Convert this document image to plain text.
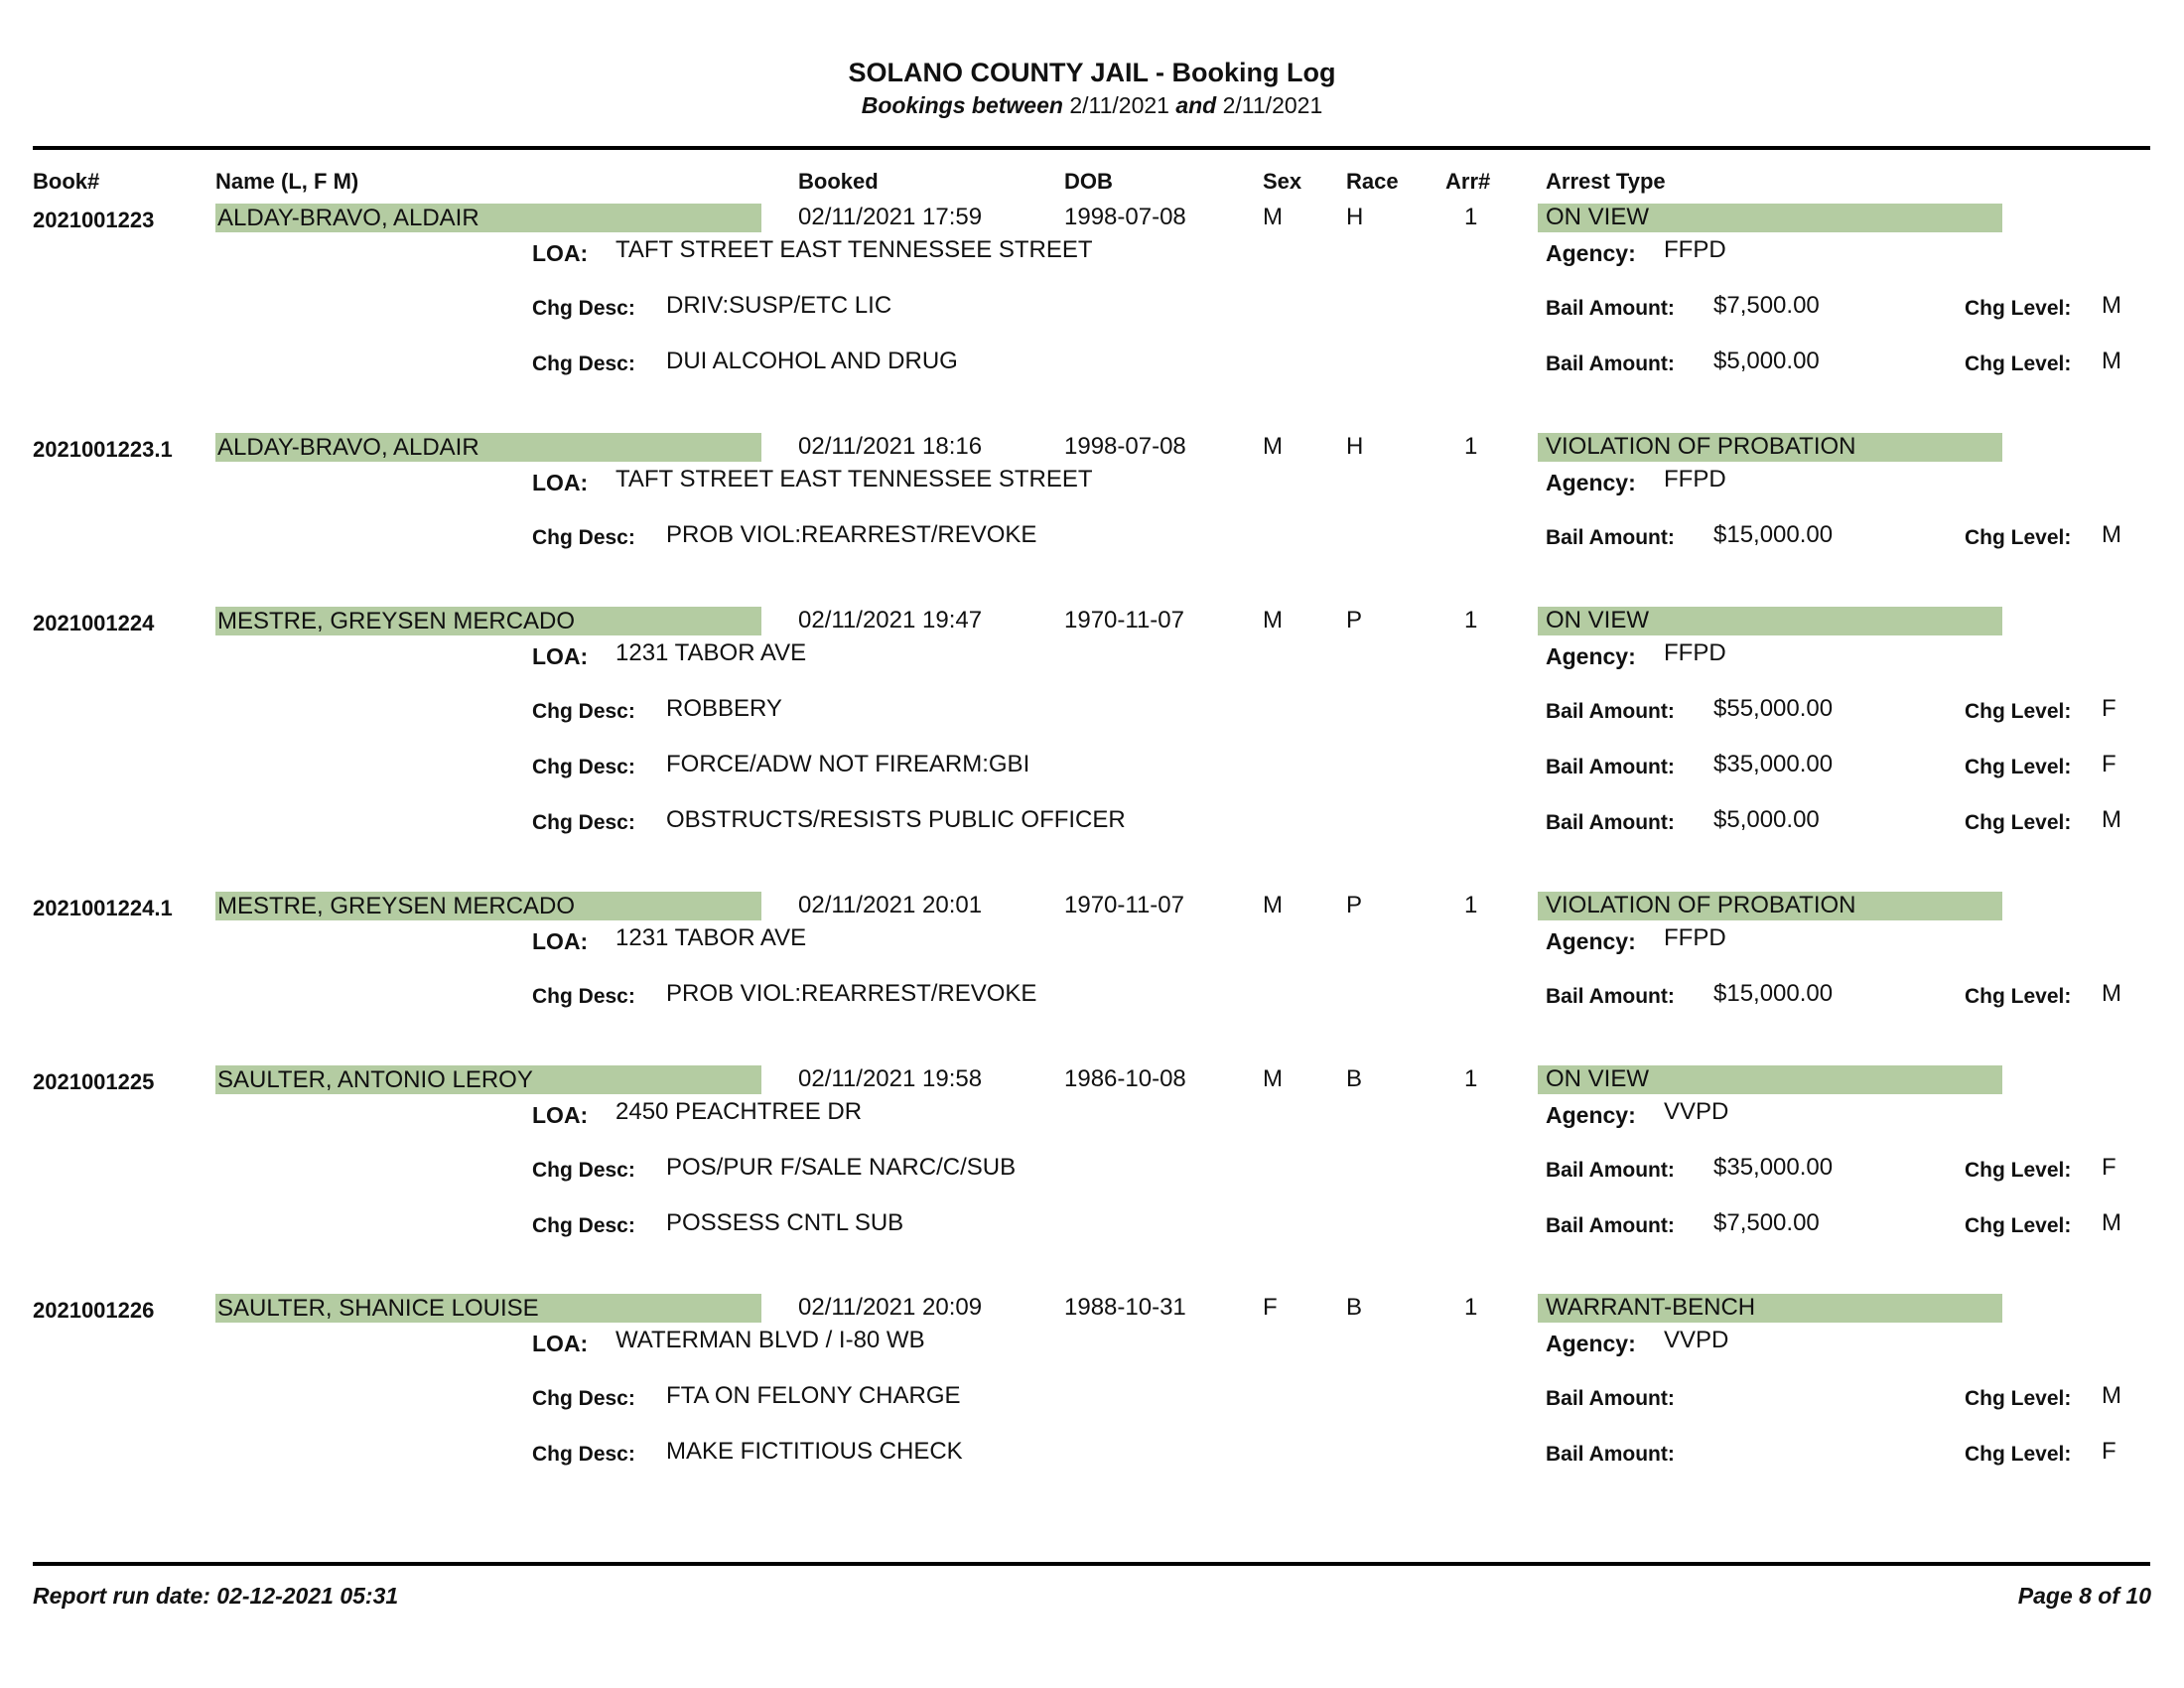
SOLANO COUNTY JAIL - Booking Log
Bookings between 2/11/2021 and 2/11/2021
Book#	Name (L, F M)	Booked	DOB	Sex Race Arr#	Arrest Type
2021001223	ALDAY-BRAVO, ALDAIR	02/11/2021 17:59	1998-07-08	M	H	1	ON VIEW
LOA: TAFT STREET EAST TENNESSEE STREET	Agency: FFPD
Chg Desc: DRIV:SUSP/ETC LIC	Bail Amount: $7,500.00	Chg Level: M
Chg Desc: DUI ALCOHOL AND DRUG	Bail Amount: $5,000.00	Chg Level: M
2021001223.1 ALDAY-BRAVO, ALDAIR	02/11/2021 18:16	1998-07-08	M	H	1	VIOLATION OF PROBATION
LOA: TAFT STREET EAST TENNESSEE STREET	Agency: FFPD
Chg Desc: PROB VIOL:REARREST/REVOKE	Bail Amount: $15,000.00	Chg Level: M
2021001224	MESTRE, GREYSEN MERCADO	02/11/2021 19:47	1970-11-07	M	P	1	ON VIEW
LOA: 1231 TABOR AVE	Agency: FFPD
Chg Desc: ROBBERY	Bail Amount: $55,000.00	Chg Level: F
Chg Desc: FORCE/ADW NOT FIREARM:GBI	Bail Amount: $35,000.00	Chg Level: F
Chg Desc: OBSTRUCTS/RESISTS PUBLIC OFFICER	Bail Amount: $5,000.00	Chg Level: M
2021001224.1 MESTRE, GREYSEN MERCADO	02/11/2021 20:01	1970-11-07	M	P	1	VIOLATION OF PROBATION
LOA: 1231 TABOR AVE	Agency: FFPD
Chg Desc: PROB VIOL:REARREST/REVOKE	Bail Amount: $15,000.00	Chg Level: M
2021001225	SAULTER, ANTONIO LEROY	02/11/2021 19:58	1986-10-08	M	B	1	ON VIEW
LOA: 2450 PEACHTREE DR	Agency: VVPD
Chg Desc: POS/PUR F/SALE NARC/C/SUB	Bail Amount: $35,000.00	Chg Level: F
Chg Desc: POSSESS CNTL SUB	Bail Amount: $7,500.00	Chg Level: M
2021001226	SAULTER, SHANICE LOUISE	02/11/2021 20:09	1988-10-31	F	B	1	WARRANT-BENCH
LOA: WATERMAN BLVD / I-80 WB	Agency: VVPD
Chg Desc: FTA ON FELONY CHARGE	Bail Amount:	Chg Level: M
Chg Desc: MAKE FICTITIOUS CHECK	Bail Amount:	Chg Level: F
Report run date: 02-12-2021 05:31	Page 8 of 10
